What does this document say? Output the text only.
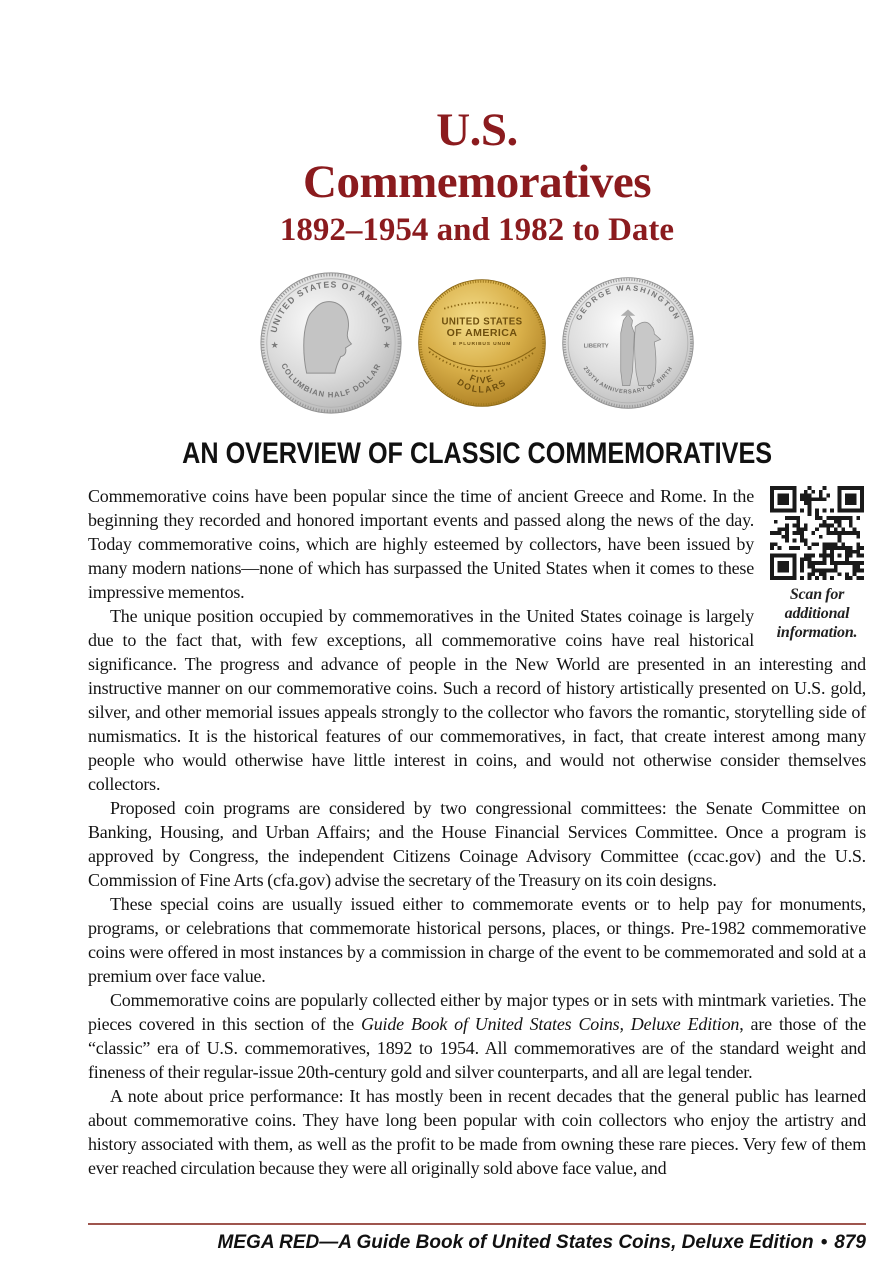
U.S.
Commemoratives
1892–1954 and 1982 to Date
UNITED STATES OF AMERICA
COLUMBIAN HALF DOLLAR
★	★
UNITED STATES
OF AMERICA
E PLURIBUS UNUM
FIVE
DOLLARS
GEORGE WASHINGTON
LIBERTY
250TH ANNIVERSARY OF BIRTH
AN OVERVIEW OF CLASSIC COMMEMORATIVES
Scan for
additional
information.

Commemorative coins have been popular since the time of ancient Greece and Rome. In the beginning they recorded and honored important events and passed along the news of the day. Today commemorative coins, which are highly esteemed by collectors, have been issued by many modern nations—none of which has surpassed the United States when it comes to these impressive mementos.

The unique position occupied by commemoratives in the United States coinage is largely due to the fact that, with few exceptions, all commemorative coins have real historical significance. The progress and advance of people in the New World are presented in an interesting and instructive manner on our commemorative coins. Such a record of history artistically presented on U.S. gold, silver, and other memorial issues appeals strongly to the collector who favors the romantic, storytelling side of numismatics. It is the historical features of our commemoratives, in fact, that create interest among many people who would otherwise have little interest in coins, and would not otherwise consider themselves collectors.

Proposed coin programs are considered by two congressional committees: the Senate Committee on Banking, Housing, and Urban Affairs; and the House Financial Services Committee. Once a program is approved by Congress, the independent Citizens Coinage Advisory Committee (ccac.gov) and the U.S. Commission of Fine Arts (cfa.gov) advise the secretary of the Treasury on its coin designs.

These special coins are usually issued either to commemorate events or to help pay for monuments, programs, or celebrations that commemorate historical persons, places, or things. Pre-1982 commemorative coins were offered in most instances by a commission in charge of the event to be commemorated and sold at a premium over face value.

Commemorative coins are popularly collected either by major types or in sets with mintmark varieties. The pieces covered in this section of the Guide Book of United States Coins, Deluxe Edition, are those of the “classic” era of U.S. commemoratives, 1892 to 1954. All commemoratives are of the standard weight and fineness of their regular-issue 20th-century gold and silver counterparts, and all are legal tender.

A note about price performance: It has mostly been in recent decades that the general public has learned about commemorative coins. They have long been popular with coin collectors who enjoy the artistry and history associated with them, as well as the profit to be made from owning these rare pieces. Very few of them ever reached circulation because they were all originally sold above face value, and

MEGA RED—A Guide Book of United States Coins, Deluxe Edition • 879
